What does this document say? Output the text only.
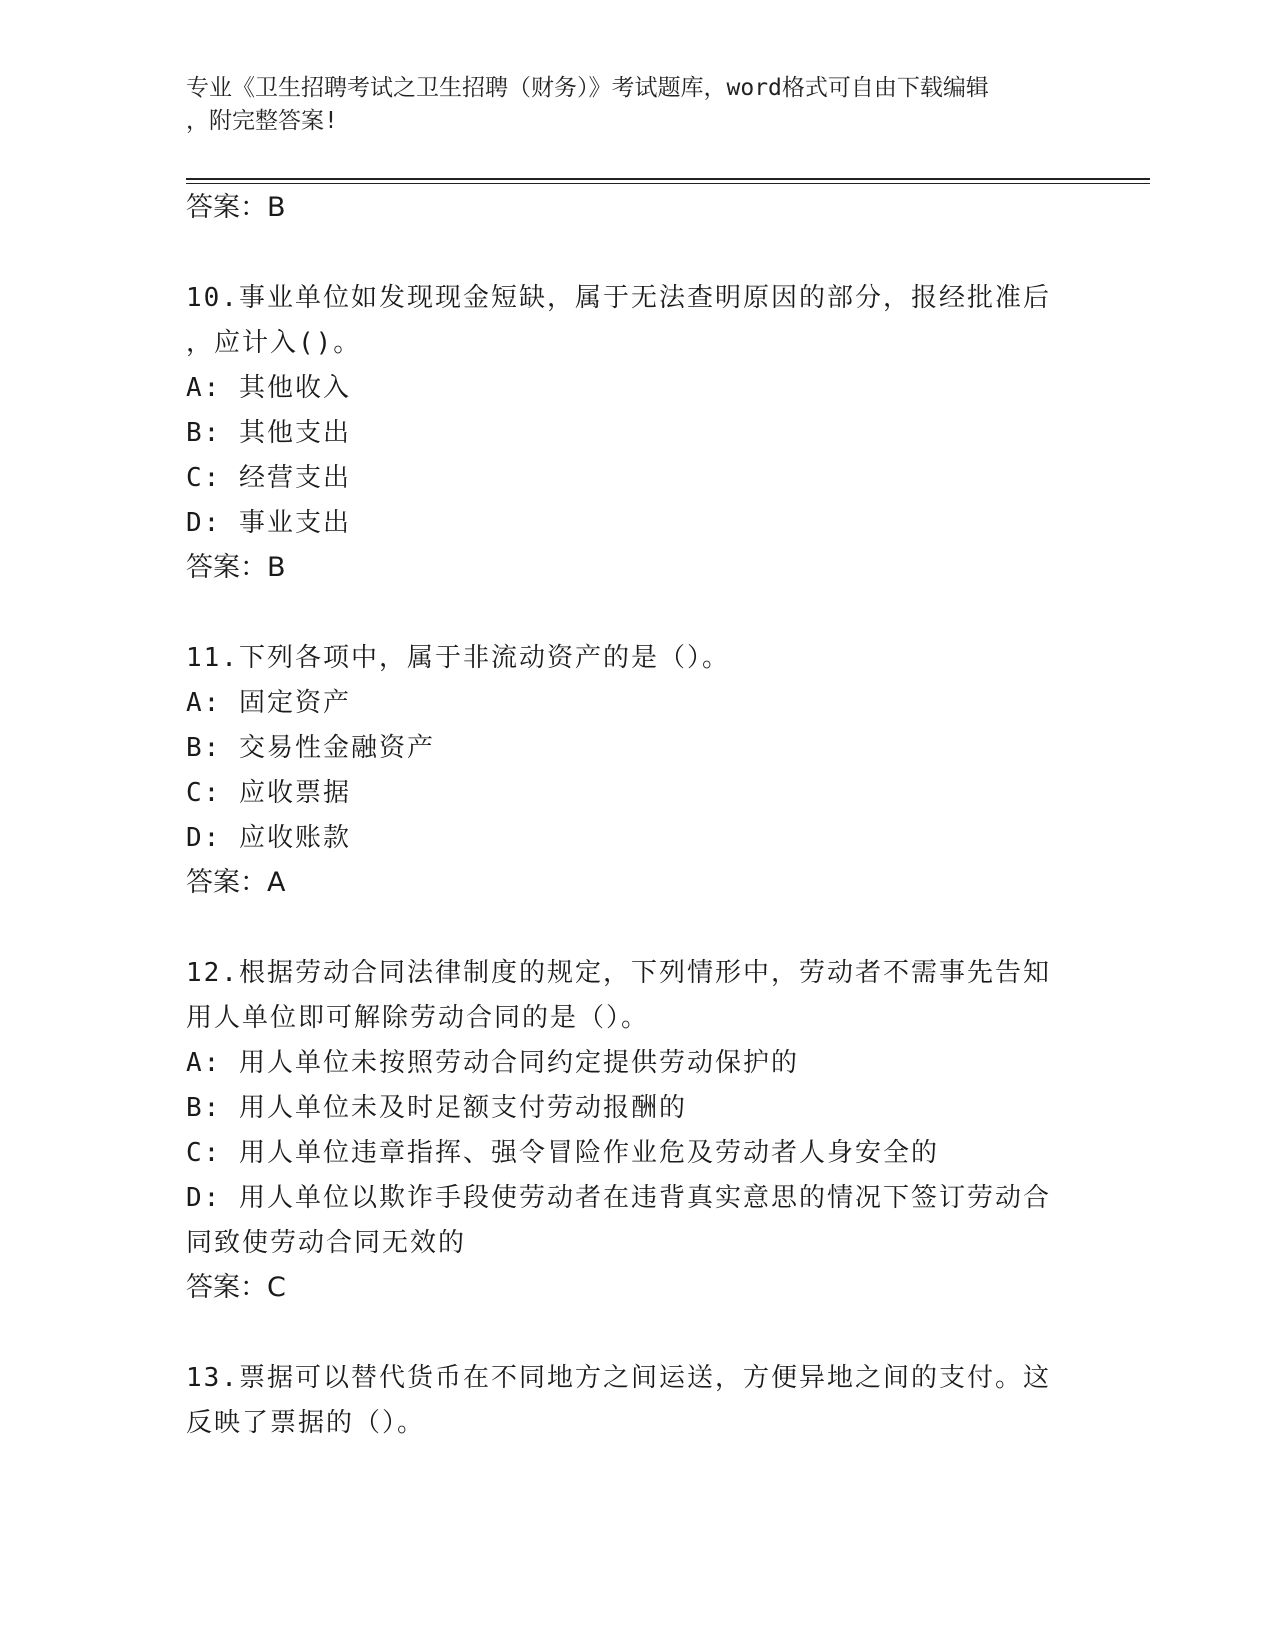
专业《卫生招聘考试之卫生招聘（财务）》考试题库，word格式可自由下载编辑
，附完整答案!
答案：B
10.事业单位如发现现金短缺，属于无法查明原因的部分，报经批准后
，应计入()。
A: 其他收入
B: 其他支出
C: 经营支出
D: 事业支出
答案：B
11.下列各项中，属于非流动资产的是（）。
A: 固定资产
B: 交易性金融资产
C: 应收票据
D: 应收账款
答案：A
12.根据劳动合同法律制度的规定，下列情形中，劳动者不需事先告知
用人单位即可解除劳动合同的是（）。
A: 用人单位未按照劳动合同约定提供劳动保护的
B: 用人单位未及时足额支付劳动报酬的
C: 用人单位违章指挥、强令冒险作业危及劳动者人身安全的
D: 用人单位以欺诈手段使劳动者在违背真实意思的情况下签订劳动合
同致使劳动合同无效的
答案：C
13.票据可以替代货币在不同地方之间运送，方便异地之间的支付。这
反映了票据的（）。
